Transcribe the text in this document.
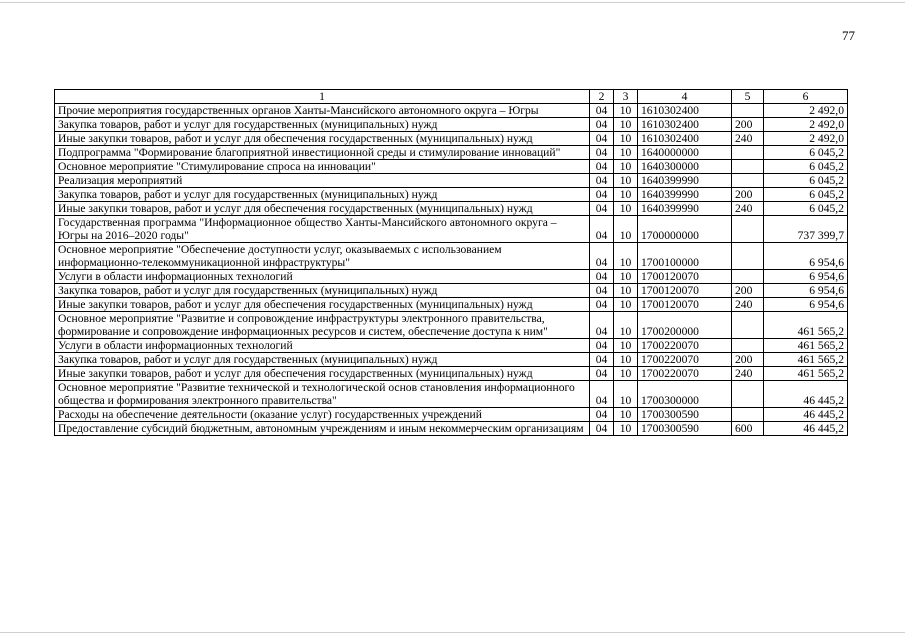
77
1	2	3	4	5	6
Прочие мероприятия государственных органов Ханты-Мансийского автономного округа – Югры	04	10	1610302400		2 492,0
Закупка товаров, работ и услуг для государственных (муниципальных) нужд	04	10	1610302400	200	2 492,0
Иные закупки товаров, работ и услуг для обеспечения государственных (муниципальных) нужд	04	10	1610302400	240	2 492,0
Подпрограмма "Формирование благоприятной инвестиционной среды и стимулирование инноваций"	04	10	1640000000		6 045,2
Основное мероприятие "Стимулирование спроса на инновации"	04	10	1640300000		6 045,2
Реализация мероприятий	04	10	1640399990		6 045,2
Закупка товаров, работ и услуг для государственных (муниципальных) нужд	04	10	1640399990	200	6 045,2
Иные закупки товаров, работ и услуг для обеспечения государственных (муниципальных) нужд	04	10	1640399990	240	6 045,2
Государственная программа "Информационное общество Ханты-Мансийского автономного округа – Югры на 2016–2020 годы"	04	10	1700000000		737 399,7
Основное мероприятие "Обеспечение доступности услуг, оказываемых с использованием информационно-телекоммуникационной инфраструктуры"	04	10	1700100000		6 954,6
Услуги в области информационных технологий	04	10	1700120070		6 954,6
Закупка товаров, работ и услуг для государственных (муниципальных) нужд	04	10	1700120070	200	6 954,6
Иные закупки товаров, работ и услуг для обеспечения государственных (муниципальных) нужд	04	10	1700120070	240	6 954,6
Основное мероприятие "Развитие и сопровождение инфраструктуры электронного правительства, формирование и сопровождение информационных ресурсов и систем, обеспечение доступа к ним"	04	10	1700200000		461 565,2
Услуги в области информационных технологий	04	10	1700220070		461 565,2
Закупка товаров, работ и услуг для государственных (муниципальных) нужд	04	10	1700220070	200	461 565,2
Иные закупки товаров, работ и услуг для обеспечения государственных (муниципальных) нужд	04	10	1700220070	240	461 565,2
Основное мероприятие "Развитие технической и технологической основ становления информационного общества и формирования электронного правительства"	04	10	1700300000		46 445,2
Расходы на обеспечение деятельности (оказание услуг) государственных учреждений	04	10	1700300590		46 445,2
Предоставление субсидий бюджетным, автономным учреждениям и иным некоммерческим организациям	04	10	1700300590	600	46 445,2
